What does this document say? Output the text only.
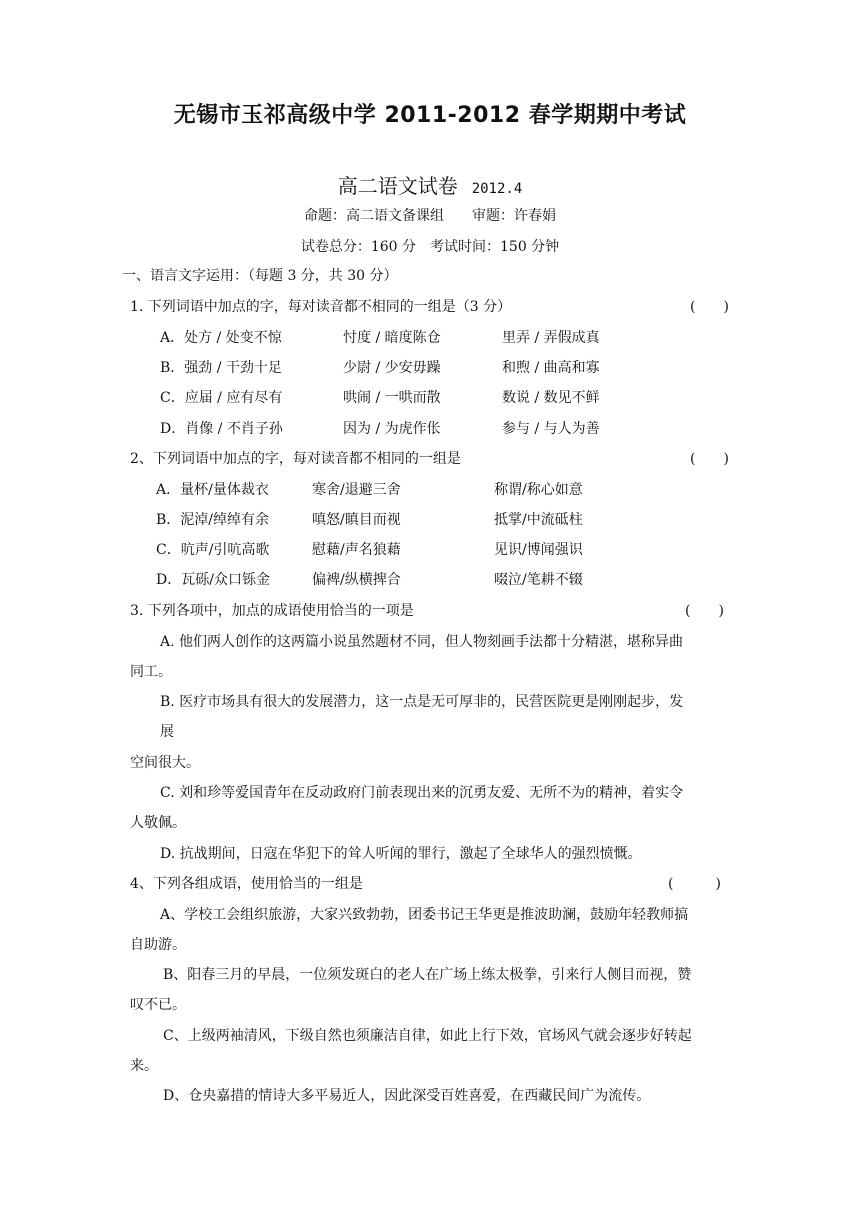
无锡市玉祁高级中学 2011-2012 春学期期中考试
高二语文试卷 2012.4
命题：高二语文备课组　　审题：许春娟
试卷总分：160 分　考试时间：150 分钟
一、语言文字运用：（每题 3 分，共 30 分）
1. 下列词语中加点的字，每对读音都不相同的一组是（3 分）	(　　)
A．处方 / 处变不惊	忖度 / 暗度陈仓	里弄 / 弄假成真
B．强劲 / 干劲十足	少尉 / 少安毋躁	和煦 / 曲高和寡
C．应届 / 应有尽有	哄闹 / 一哄而散	数说 / 数见不鲜
D．肖像 / 不肖子孙	因为 / 为虎作伥	参与 / 与人为善
2、下列词语中加点的字，每对读音都不相同的一组是	(　　)
A．量杯/量体裁衣	寒舍/退避三舍	称谓/称心如意
B．泥淖/绰绰有余	嗔怒/瞋目而视	抵掌/中流砥柱
C．吭声/引吭高歌	慰藉/声名狼藉	见识/博闻强识
D．瓦砾/众口铄金	偏裨/纵横捭合	啜泣/笔耕不辍
3. 下列各项中，加点的成语使用恰当的一项是	(　　)
A. 他们两人创作的这两篇小说虽然题材不同，但人物刻画手法都十分精湛，堪称异曲
同工。
B. 医疗市场具有很大的发展潜力，这一点是无可厚非的，民营医院更是刚刚起步，发
展
空间很大。
C. 刘和珍等爱国青年在反动政府门前表现出来的沉勇友爱、无所不为的精神，着实令
人敬佩。
D. 抗战期间，日寇在华犯下的耸人听闻的罪行，激起了全球华人的强烈愤慨。
4、下列各组成语，使用恰当的一组是	(　　　)
A、学校工会组织旅游，大家兴致勃勃，团委书记王华更是推波助澜，鼓励年轻教师搞
自助游。
B、阳春三月的早晨，一位须发斑白的老人在广场上练太极拳，引来行人侧目而视，赞
叹不已。
C、上级两袖清风，下级自然也须廉洁自律，如此上行下效，官场风气就会逐步好转起
来。
D、仓央嘉措的情诗大多平易近人，因此深受百姓喜爱，在西藏民间广为流传。
